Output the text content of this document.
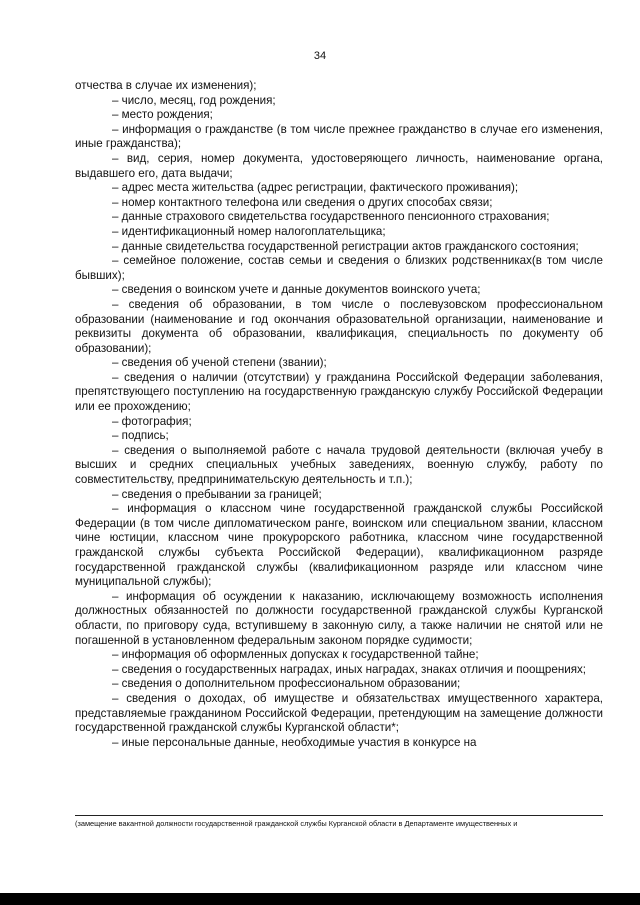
34

отчества в случае их изменения);

– число, месяц, год рождения;

– место рождения;

– информация о гражданстве (в том числе прежнее гражданство в случае его изменения, иные гражданства);

– вид, серия, номер документа, удостоверяющего личность, наименование органа, выдавшего его, дата выдачи;

– адрес места жительства (адрес регистрации, фактического проживания);

– номер контактного телефона или сведения о других способах связи;

– данные страхового свидетельства государственного пенсионного страхования;

– идентификационный номер налогоплательщика;

– данные свидетельства государственной регистрации актов гражданского состояния;

– семейное положение, состав семьи и сведения о близких родственниках(в том числе бывших);

– сведения о воинском учете и данные документов воинского учета;

– сведения об образовании, в том числе о послевузовском профессиональном образовании (наименование и год окончания образовательной организации, наименование и реквизиты документа об образовании, квалификация, специальность по документу об образовании);

– сведения об ученой степени (звании);

– сведения о наличии (отсутствии) у гражданина Российской Федерации заболевания, препятствующего поступлению на государственную гражданскую службу Российской Федерации или ее прохождению;

– фотография;

– подпись;

– сведения о выполняемой работе с начала трудовой деятельности (включая учебу в высших и средних специальных учебных заведениях, военную службу, работу по совместительству, предпринимательскую деятельность и т.п.);

– сведения о пребывании за границей;

– информация о классном чине государственной гражданской службы Российской Федерации (в том числе дипломатическом ранге, воинском или специальном звании, классном чине юстиции, классном чине прокурорского работника, классном чине государственной гражданской службы субъекта Российской Федерации), квалификационном разряде государственной гражданской службы (квалификационном разряде или классном чине муниципальной службы);

– информация об осуждении к наказанию, исключающему возможность исполнения должностных обязанностей по должности государственной гражданской службы Курганской области, по приговору суда, вступившему в законную силу, а также наличии не снятой или не погашенной в установленном федеральным законом порядке судимости;

– информация об оформленных допусках к государственной тайне;

– сведения о государственных наградах, иных наградах, знаках отличия и поощрениях;

– сведения о дополнительном профессиональном образовании;

– сведения о доходах, об имуществе и обязательствах имущественного характера, представляемые гражданином Российской Федерации, претендующим на замещение должности государственной гражданской службы Курганской области*;

– иные персональные данные, необходимые участия в конкурсе на

(замещение вакантной должности государственной гражданской службы Курганской области в Департаменте имущественных и
